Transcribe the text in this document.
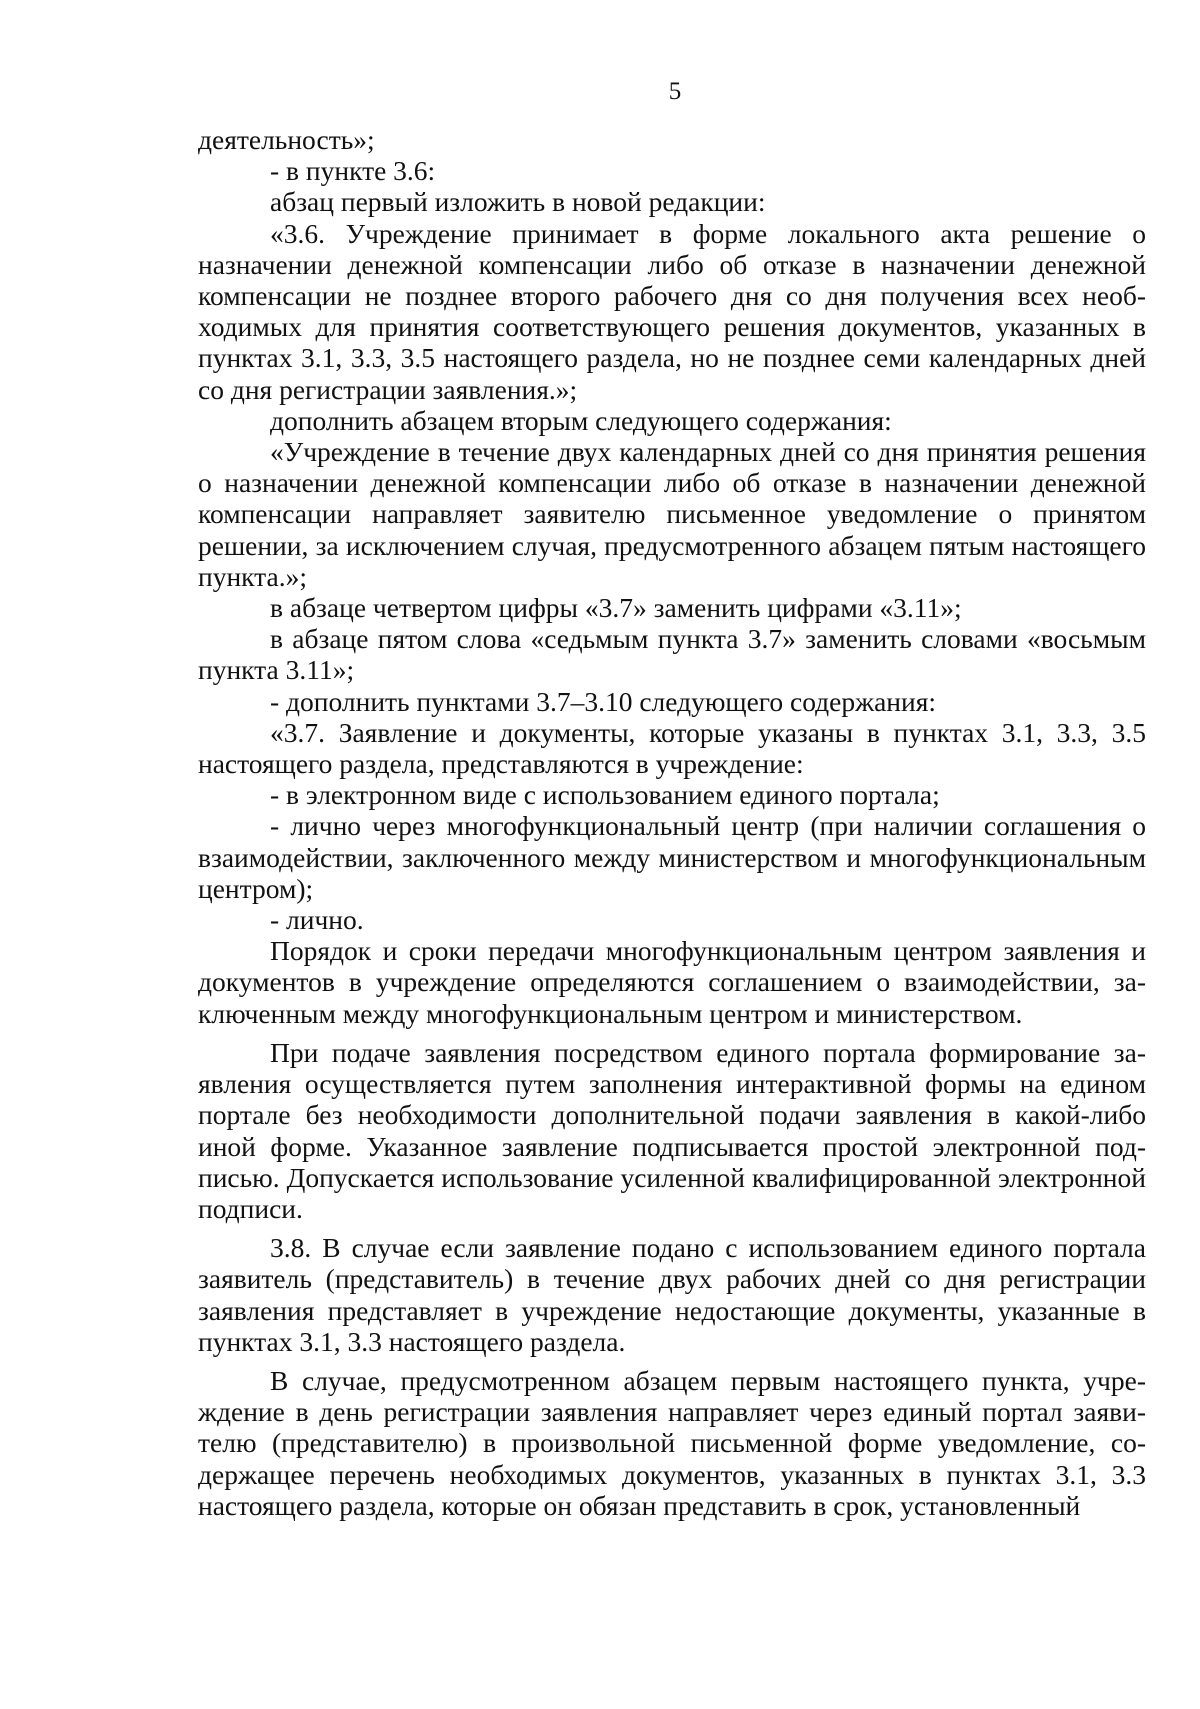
5

деятельность»;

- в пункте 3.6:

абзац первый изложить в новой редакции:

«3.6. Учреждение принимает в форме локального акта решение о назначении денежной компенсации либо об отказе в назначении денежной компенсации не позднее второго рабочего дня со дня получения всех необходимых для принятия соответствующего решения документов, указанных в пунктах 3.1, 3.3, 3.5 настоящего раздела, но не позднее семи календарных дней со дня регистрации заявления.»;

дополнить абзацем вторым следующего содержания:

«Учреждение в течение двух календарных дней со дня принятия решения о назначении денежной компенсации либо об отказе в назначении денежной компенсации направляет заявителю письменное уведомление о принятом решении, за исключением случая, предусмотренного абзацем пятым настоящего пункта.»;

в абзаце четвертом цифры «3.7» заменить цифрами «3.11»;

в абзаце пятом слова «седьмым пункта 3.7» заменить словами «восьмым пункта 3.11»;

- дополнить пунктами 3.7–3.10 следующего содержания:

«3.7. Заявление и документы, которые указаны в пунктах 3.1, 3.3, 3.5 настоящего раздела, представляются в учреждение:

- в электронном виде с использованием единого портала;

- лично через многофункциональный центр (при наличии соглашения о взаимодействии, заключенного между министерством и многофункциональным центром);

- лично.

Порядок и сроки передачи многофункциональным центром заявления и документов в учреждение определяются соглашением о взаимодействии, заключенным между многофункциональным центром и министерством.

При подаче заявления посредством единого портала формирование заявления осуществляется путем заполнения интерактивной формы на едином портале без необходимости дополнительной подачи заявления в какой-либо иной форме. Указанное заявление подписывается простой электронной подписью. Допускается использование усиленной квалифицированной электронной подписи.

3.8. В случае если заявление подано с использованием единого портала заявитель (представитель) в течение двух рабочих дней со дня регистрации заявления представляет в учреждение недостающие документы, указанные в пунктах 3.1, 3.3 настоящего раздела.

В случае, предусмотренном абзацем первым настоящего пункта, учреждение в день регистрации заявления направляет через единый портал заявителю (представителю) в произвольной письменной форме уведомление, содержащее перечень необходимых документов, указанных в пунктах 3.1, 3.3 настоящего раздела, которые он обязан представить в срок, установленный
